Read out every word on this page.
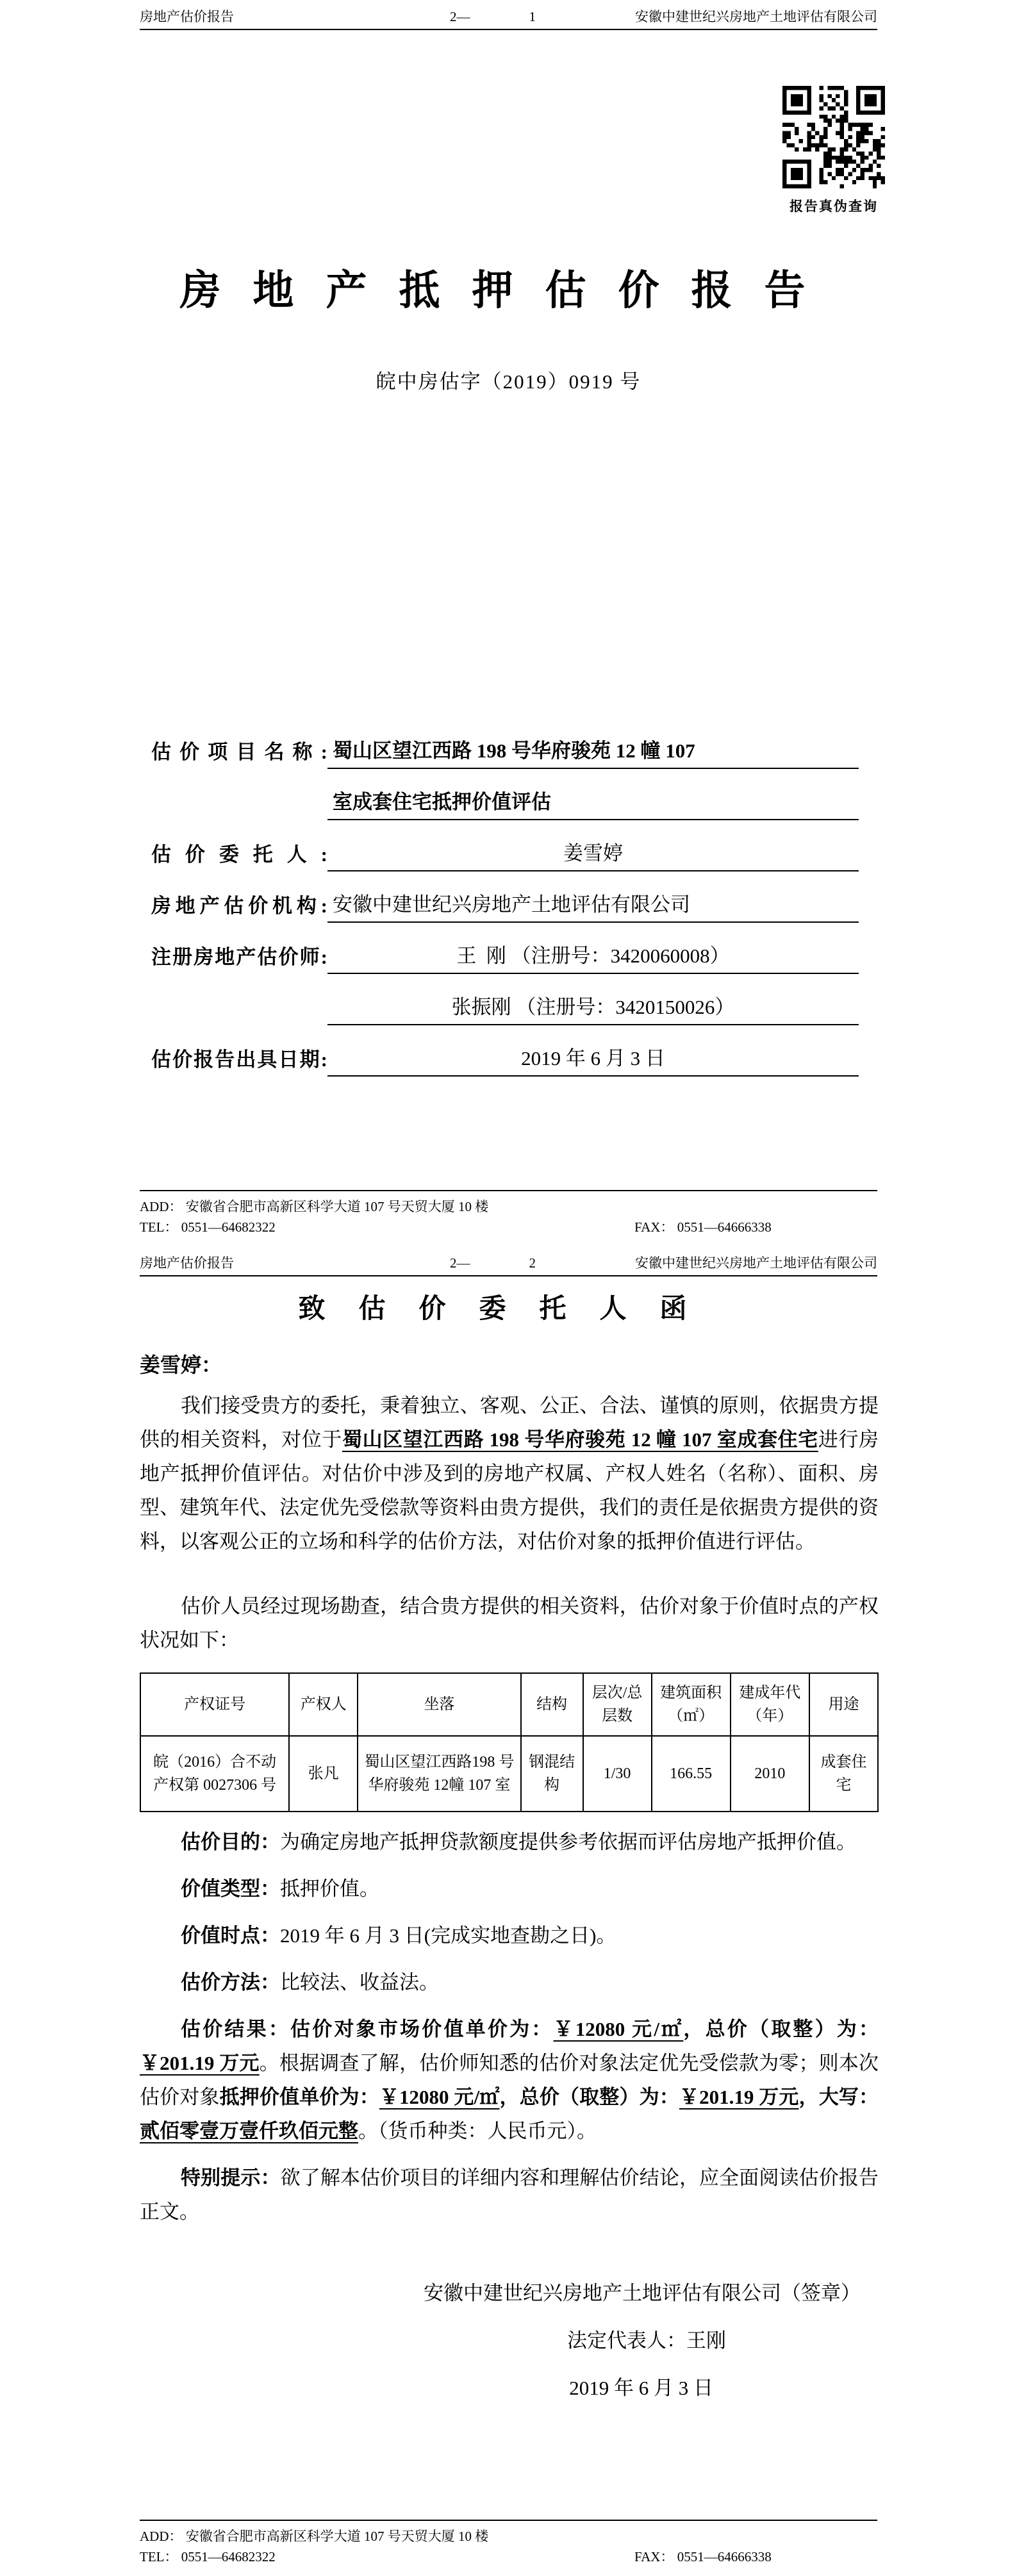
房地产估价报告	2—	1	安徽中建世纪兴房地产土地评估有限公司
报告真伪查询
房地产抵押估价报告
皖中房估字（2019）0919 号
估价项目名称: 蜀山区望江西路 198 号华府骏苑 12 幢 107
室成套住宅抵押价值评估
估价委托人:	姜雪婷
房地产估价机构: 安徽中建世纪兴房地产土地评估有限公司
注册房地产估价师:	王  刚 （注册号：3420060008）
张振刚 （注册号：3420150026）
估价报告出具日期:	2019 年 6 月 3 日
ADD： 安徽省合肥市高新区科学大道 107 号天贸大厦 10 楼
TEL： 0551—64682322	FAX： 0551—64666338
房地产估价报告	2—	2	安徽中建世纪兴房地产土地评估有限公司
致估价委托人函

姜雪婷：

我们接受贵方的委托，秉着独立、客观、公正、合法、谨慎的原则，依据贵方提供的相关资料，对位于蜀山区望江西路 198 号华府骏苑 12 幢 107 室成套住宅进行房地产抵押价值评估。对估价中涉及到的房地产权属、产权人姓名（名称）、面积、房型、建筑年代、法定优先受偿款等资料由贵方提供，我们的责任是依据贵方提供的资料，以客观公正的立场和科学的估价方法，对估价对象的抵押价值进行评估。

估价人员经过现场勘查，结合贵方提供的相关资料，估价对象于价值时点的产权状况如下：

产权证号	产权人	坐落	结构	层次/总层数	建筑面积（㎡）	建成年代（年）	用途
皖（2016）合不动产权第 0027306 号	张凡	蜀山区望江西路198 号华府骏苑 12幢 107 室	钢混结构	1/30	166.55	2010	成套住宅

估价目的：为确定房地产抵押贷款额度提供参考依据而评估房地产抵押价值。

价值类型：抵押价值。

价值时点：2019 年 6 月 3 日(完成实地查勘之日)。

估价方法：比较法、收益法。

估价结果：估价对象市场价值单价为：￥12080 元/㎡，总价（取整）为：￥201.19 万元。根据调查了解，估价师知悉的估价对象法定优先受偿款为零；则本次估价对象抵押价值单价为：￥12080 元/㎡，总价（取整）为：￥201.19 万元，大写：贰佰零壹万壹仟玖佰元整。（货币种类：人民币元）。

特别提示：欲了解本估价项目的详细内容和理解估价结论，应全面阅读估价报告正文。

安徽中建世纪兴房地产土地评估有限公司（签章）
法定代表人：王刚
2019 年 6 月 3 日
ADD： 安徽省合肥市高新区科学大道 107 号天贸大厦 10 楼
TEL： 0551—64682322	FAX： 0551—64666338
